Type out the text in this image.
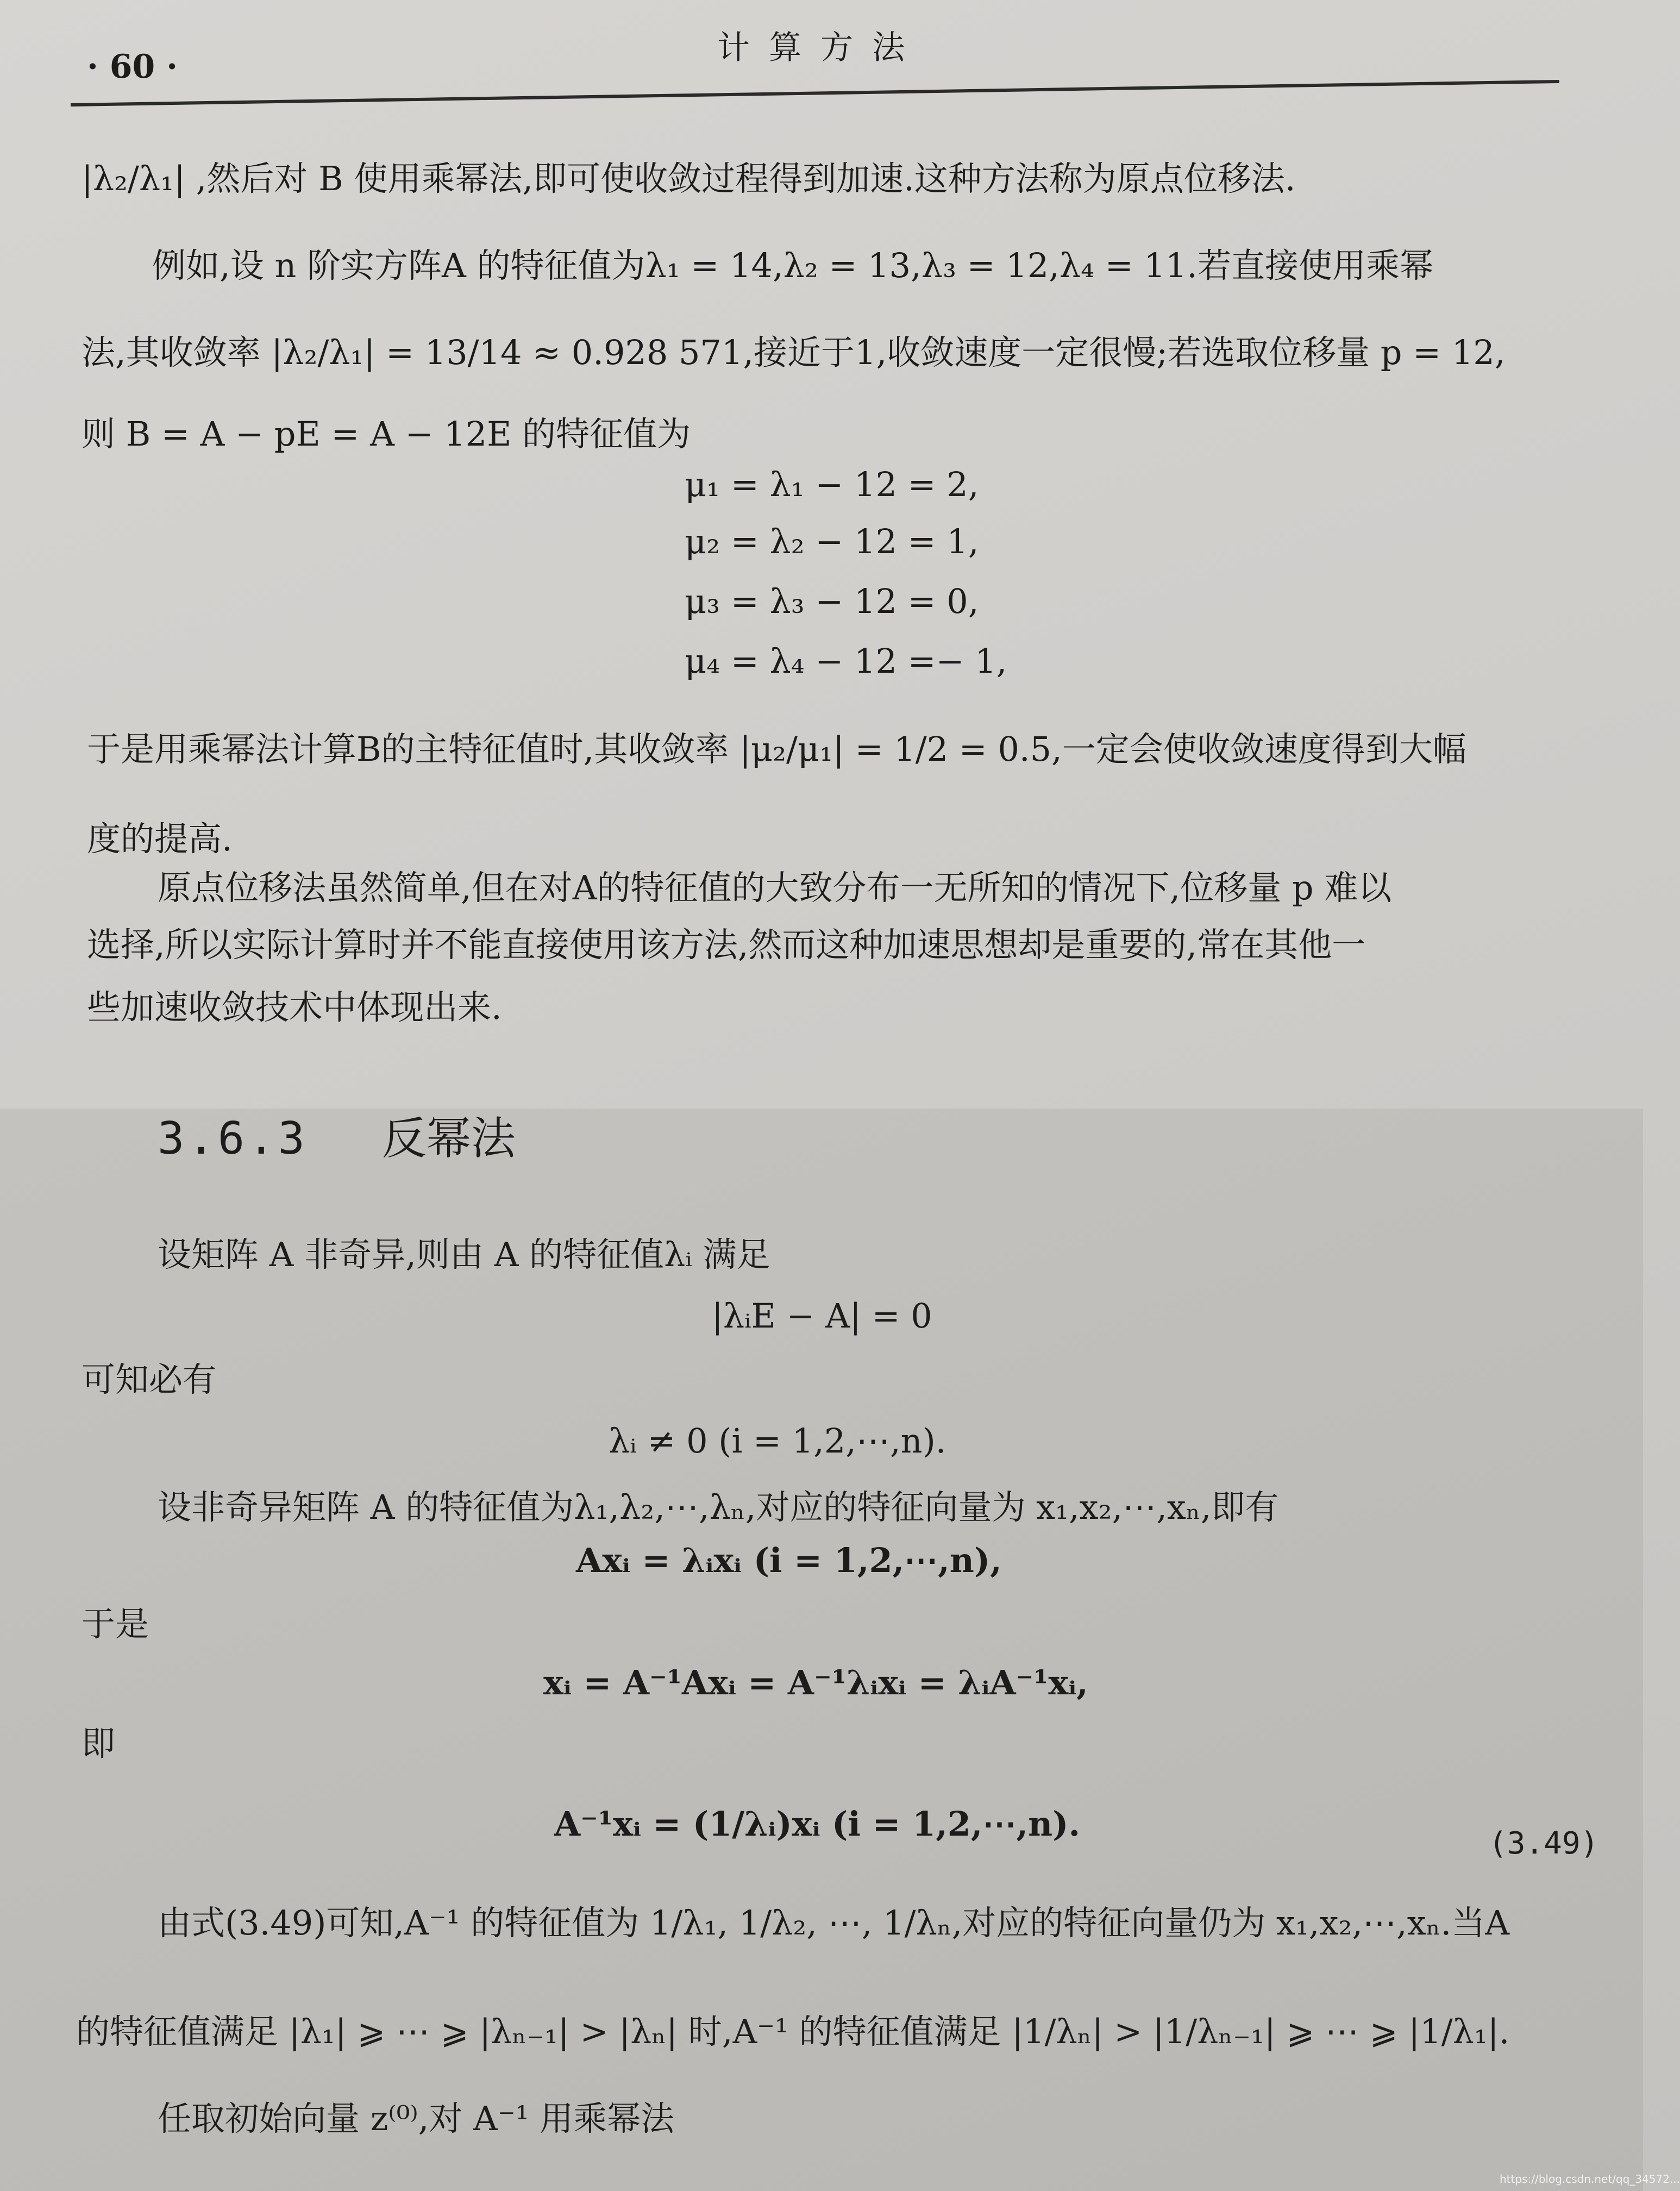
· 60 ·	计 算 方 法
|λ₂/λ₁| ,然后对 B 使用乘幂法,即可使收敛过程得到加速.这种方法称为原点位移法.
例如,设 n 阶实方阵A 的特征值为λ₁ = 14,λ₂ = 13,λ₃ = 12,λ₄ = 11.若直接使用乘幂
法,其收敛率 |λ₂/λ₁| = 13/14 ≈ 0.928 571,接近于1,收敛速度一定很慢;若选取位移量 p = 12,
则 B = A − pE = A − 12E 的特征值为
μ₁ = λ₁ − 12 = 2,
μ₂ = λ₂ − 12 = 1,
μ₃ = λ₃ − 12 = 0,
μ₄ = λ₄ − 12 =− 1,
于是用乘幂法计算B的主特征值时,其收敛率 |μ₂/μ₁| = 1/2 = 0.5,一定会使收敛速度得到大幅
度的提高.
原点位移法虽然简单,但在对A的特征值的大致分布一无所知的情况下,位移量 p 难以
选择,所以实际计算时并不能直接使用该方法,然而这种加速思想却是重要的,常在其他一
些加速收敛技术中体现出来.
3.6.3 反幂法
设矩阵 A 非奇异,则由 A 的特征值λᵢ 满足
|λᵢE − A| = 0
可知必有
λᵢ ≠ 0 (i = 1,2,⋯,n).
设非奇异矩阵 A 的特征值为λ₁,λ₂,⋯,λₙ,对应的特征向量为 x₁,x₂,⋯,xₙ,即有
Axᵢ = λᵢxᵢ (i = 1,2,⋯,n),
于是
xᵢ = A⁻¹Axᵢ = A⁻¹λᵢxᵢ = λᵢA⁻¹xᵢ,
即
A⁻¹xᵢ = (1/λᵢ)xᵢ (i = 1,2,⋯,n).	(3.49)
由式(3.49)可知,A⁻¹ 的特征值为 1/λ₁, 1/λ₂, ⋯, 1/λₙ,对应的特征向量仍为 x₁,x₂,⋯,xₙ.当A
的特征值满足 |λ₁| ⩾ ⋯ ⩾ |λₙ₋₁| > |λₙ| 时,A⁻¹ 的特征值满足 |1/λₙ| > |1/λₙ₋₁| ⩾ ⋯ ⩾ |1/λ₁|.
任取初始向量 z⁽⁰⁾,对 A⁻¹ 用乘幂法
https://blog.csdn.net/qq_34572...
